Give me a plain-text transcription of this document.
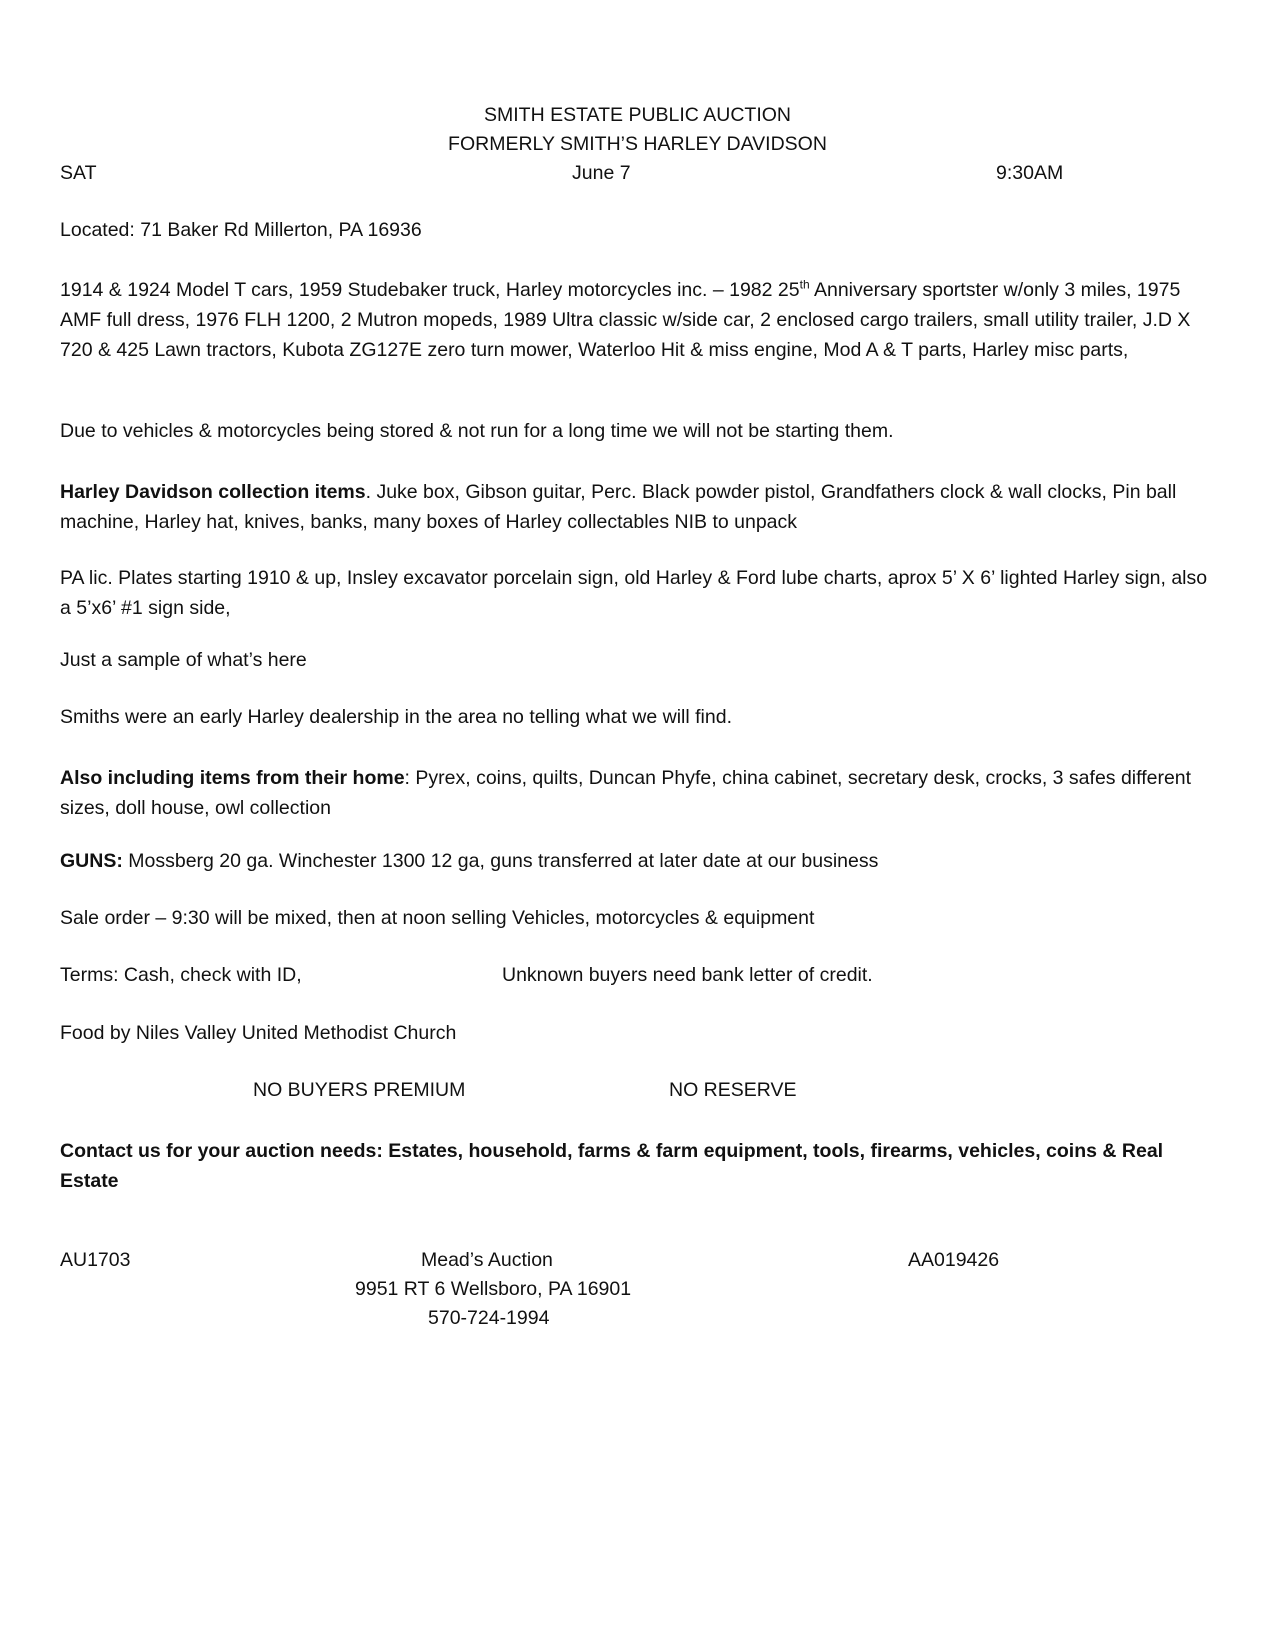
SMITH ESTATE PUBLIC AUCTION
FORMERLY SMITH’S HARLEY DAVIDSON
SAT	June 7	9:30AM
Located: 71 Baker Rd Millerton, PA 16936
1914 & 1924 Model T cars, 1959 Studebaker truck, Harley motorcycles inc. – 1982 25th Anniversary sportster w/only 3 miles, 1975 AMF full dress, 1976 FLH 1200, 2 Mutron mopeds, 1989 Ultra classic w/side car, 2 enclosed cargo trailers, small utility trailer, J.D X 720 & 425 Lawn tractors, Kubota ZG127E zero turn mower, Waterloo Hit & miss engine, Mod A & T parts, Harley misc parts,
Due to vehicles & motorcycles being stored & not run for a long time we will not be starting them.
Harley Davidson collection items. Juke box, Gibson guitar, Perc. Black powder pistol, Grandfathers clock & wall clocks, Pin ball machine, Harley hat, knives, banks, many boxes of Harley collectables NIB to unpack
PA lic. Plates starting 1910 & up, Insley excavator porcelain sign, old Harley & Ford lube charts, aprox 5’ X 6’ lighted Harley sign, also a 5’x6’ #1 sign side,
Just a sample of what’s here
Smiths were an early Harley dealership in the area no telling what we will find.
Also including items from their home: Pyrex, coins, quilts, Duncan Phyfe, china cabinet, secretary desk, crocks, 3 safes different sizes, doll house, owl collection
GUNS: Mossberg 20 ga. Winchester 1300 12 ga, guns transferred at later date at our business
Sale order – 9:30 will be mixed, then at noon selling Vehicles, motorcycles & equipment
Terms: Cash, check with ID,	Unknown buyers need bank letter of credit.
Food by Niles Valley United Methodist Church
NO BUYERS PREMIUM	NO RESERVE
Contact us for your auction needs: Estates, household, farms & farm equipment, tools, firearms, vehicles, coins & Real Estate
AU1703	Mead’s Auction	AA019426
9951 RT 6 Wellsboro, PA 16901
570-724-1994
